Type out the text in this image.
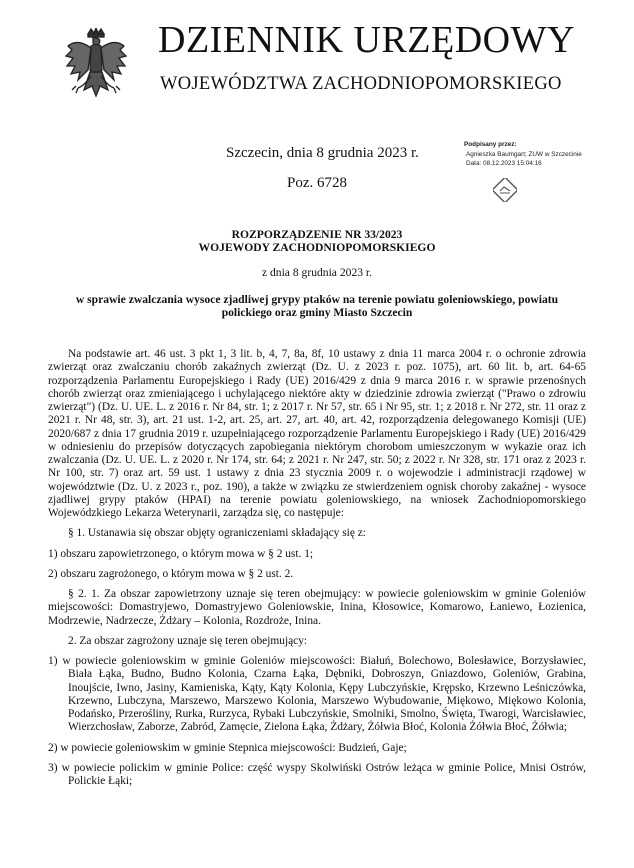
DZIENNIK URZĘDOWY
WOJEWÓDZTWA ZACHODNIOPOMORSKIEGO
Szczecin, dnia 8 grudnia 2023 r.
Poz. 6728
Podpisany przez:
Agnieszka Baumgart; ZUW w Szczecinie
Data: 08.12.2023 15:04:16
ROZPORZĄDZENIE NR 33/2023
WOJEWODY ZACHODNIOPOMORSKIEGO
z dnia 8 grudnia 2023 r.
w sprawie zwalczania wysoce zjadliwej grypy ptaków na terenie powiatu goleniowskiego, powiatu polickiego oraz gminy Miasto Szczecin

Na podstawie art. 46 ust. 3 pkt 1, 3 lit. b, 4, 7, 8a, 8f, 10 ustawy z dnia 11 marca 2004 r. o ochronie zdrowia zwierząt oraz zwalczaniu chorób zakaźnych zwierząt (Dz. U. z 2023 r. poz. 1075), art. 60 lit. b, art. 64-65 rozporządzenia Parlamentu Europejskiego i Rady (UE) 2016/429 z dnia 9 marca 2016 r. w sprawie przenośnych chorób zwierząt oraz zmieniającego i uchylającego niektóre akty w dziedzinie zdrowia zwierząt ("Prawo o zdrowiu zwierząt") (Dz. U. UE. L. z 2016 r. Nr 84, str. 1; z 2017 r. Nr 57, str. 65 i Nr 95, str. 1; z 2018 r. Nr 272, str. 11 oraz z 2021 r. Nr 48, str. 3), art. 21 ust. 1-2, art. 25, art. 27, art. 40, art. 42, rozporządzenia delegowanego Komisji (UE) 2020/687 z dnia 17 grudnia 2019 r. uzupełniającego rozporządzenie Parlamentu Europejskiego i Rady (UE) 2016/429 w odniesieniu do przepisów dotyczących zapobiegania niektórym chorobom umieszczonym w wykazie oraz ich zwalczania (Dz. U. UE. L. z 2020 r. Nr 174, str. 64; z 2021 r. Nr 247, str. 50; z 2022 r. Nr 328, str. 171 oraz z 2023 r. Nr 100, str. 7) oraz art. 59 ust. 1 ustawy z dnia 23 stycznia 2009 r. o wojewodzie i administracji rządowej w województwie (Dz. U. z 2023 r., poz. 190), a także w związku ze stwierdzeniem ognisk choroby zakaźnej - wysoce zjadliwej grypy ptaków (HPAI) na terenie powiatu goleniowskiego, na wniosek Zachodniopomorskiego Wojewódzkiego Lekarza Weterynarii, zarządza się, co następuje:

§ 1. Ustanawia się obszar objęty ograniczeniami składający się z:

1) obszaru zapowietrzonego, o którym mowa w § 2 ust. 1;

2) obszaru zagrożonego, o którym mowa w § 2 ust. 2.

§ 2. 1. Za obszar zapowietrzony uznaje się teren obejmujący: w powiecie goleniowskim w gminie Goleniów miejscowości: Domastryjewo, Domastryjewo Goleniowskie, Inina, Kłosowice, Komarowo, Łaniewo, Łozienica, Modrzewie, Nadrzecze, Żdżary – Kolonia, Rozdroże, Inina.

2. Za obszar zagrożony uznaje się teren obejmujący:

1) w powiecie goleniowskim w gminie Goleniów miejscowości: Białuń, Bolechowo, Bolesławice, Borzysławiec, Biała Łąka, Budno, Budno Kolonia, Czarna Łąka, Dębniki, Dobroszyn, Gniazdowo, Goleniów, Grabina, Inoujście, Iwno, Jasiny, Kamieniska, Kąty, Kąty Kolonia, Kępy Lubczyńskie, Krępsko, Krzewno Leśniczówka, Krzewno, Lubczyna, Marszewo, Marszewo Kolonia, Marszewo Wybudowanie, Miękowo, Miękowo Kolonia, Podańsko, Przeroślinу, Rurka, Rurzyca, Rybaki Lubczyńskie, Smolniki, Smolno, Święta, Twarogi, Warcisławiec, Wierzchosław, Zaborze, Zabród, Zamęcie, Zielona Łąka, Żdżary, Żółwia Błoć, Kolonia Żółwia Błoć, Żółwia;

2) w powiecie goleniowskim w gminie Stepnica miejscowości: Budzień, Gaje;

3) w powiecie polickim w gminie Police: część wyspy Skolwiński Ostrów leżąca w gminie Police, Mnisi Ostrów, Polickie Łąki;
